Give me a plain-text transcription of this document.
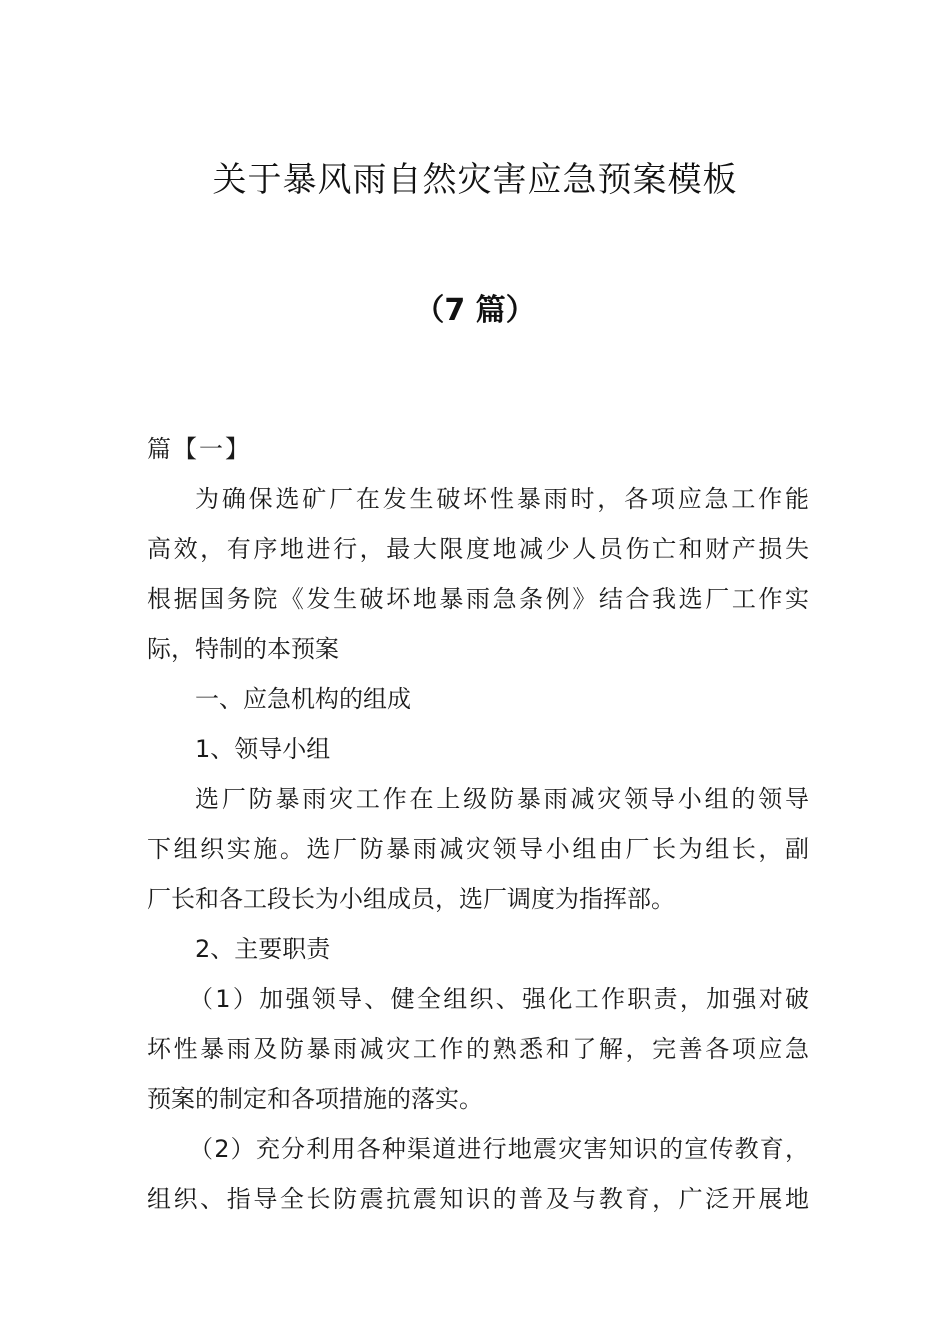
关于暴风雨自然灾害应急预案模板
（7 篇）

篇【一】

为确保选矿厂在发生破坏性暴雨时，各项应急工作能

高效，有序地进行，最大限度地减少人员伤亡和财产损失

根据国务院《发生破坏地暴雨急条例》结合我选厂工作实

际，特制的本预案

一、应急机构的组成

1、领导小组

选厂防暴雨灾工作在上级防暴雨减灾领导小组的领导

下组织实施。选厂防暴雨减灾领导小组由厂长为组长，副

厂长和各工段长为小组成员，选厂调度为指挥部。

2、主要职责

（1）加强领导、健全组织、强化工作职责，加强对破

坏性暴雨及防暴雨减灾工作的熟悉和了解，完善各项应急

预案的制定和各项措施的落实。

（2）充分利用各种渠道进行地震灾害知识的宣传教育，

组织、指导全长防震抗震知识的普及与教育，广泛开展地
